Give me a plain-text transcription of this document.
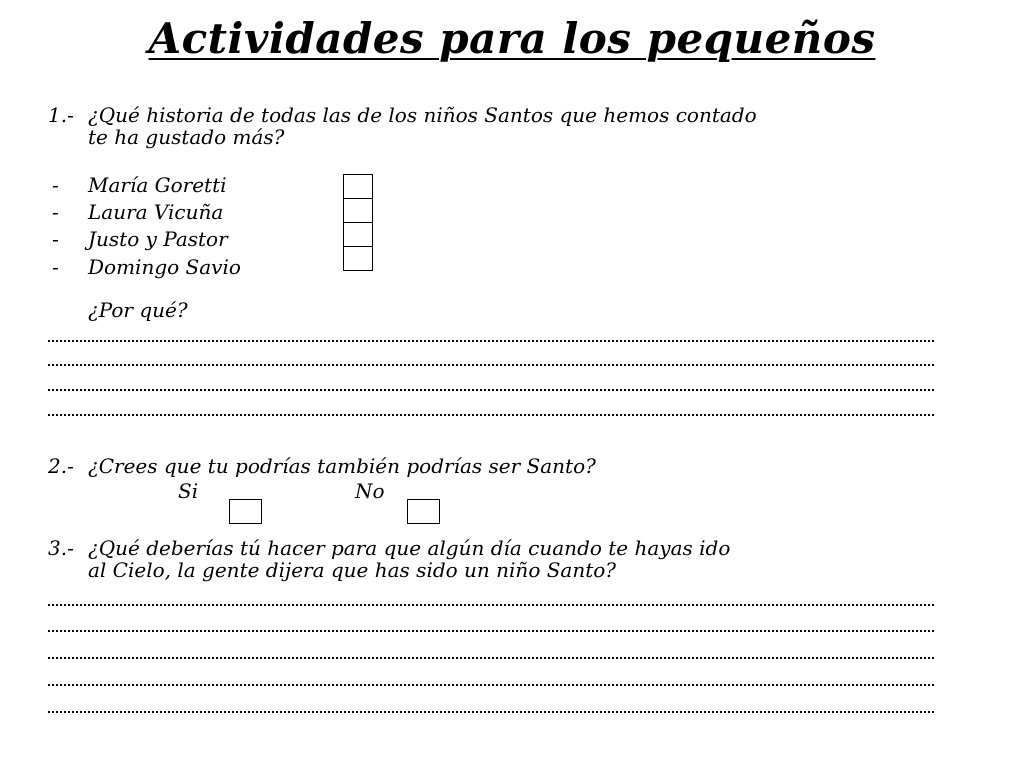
Actividades para los pequeños
1.- ¿Qué historia de todas las de los niños Santos que hemos contado
te ha gustado más?
- María Goretti
- Laura Vicuña
- Justo y Pastor
- Domingo Savio
¿Por qué?
2.- ¿Crees que tu podrías también podrías ser Santo?
Si	No
3.- ¿Qué deberías tú hacer para que algún día cuando te hayas ido
al Cielo, la gente dijera que has sido un niño Santo?
